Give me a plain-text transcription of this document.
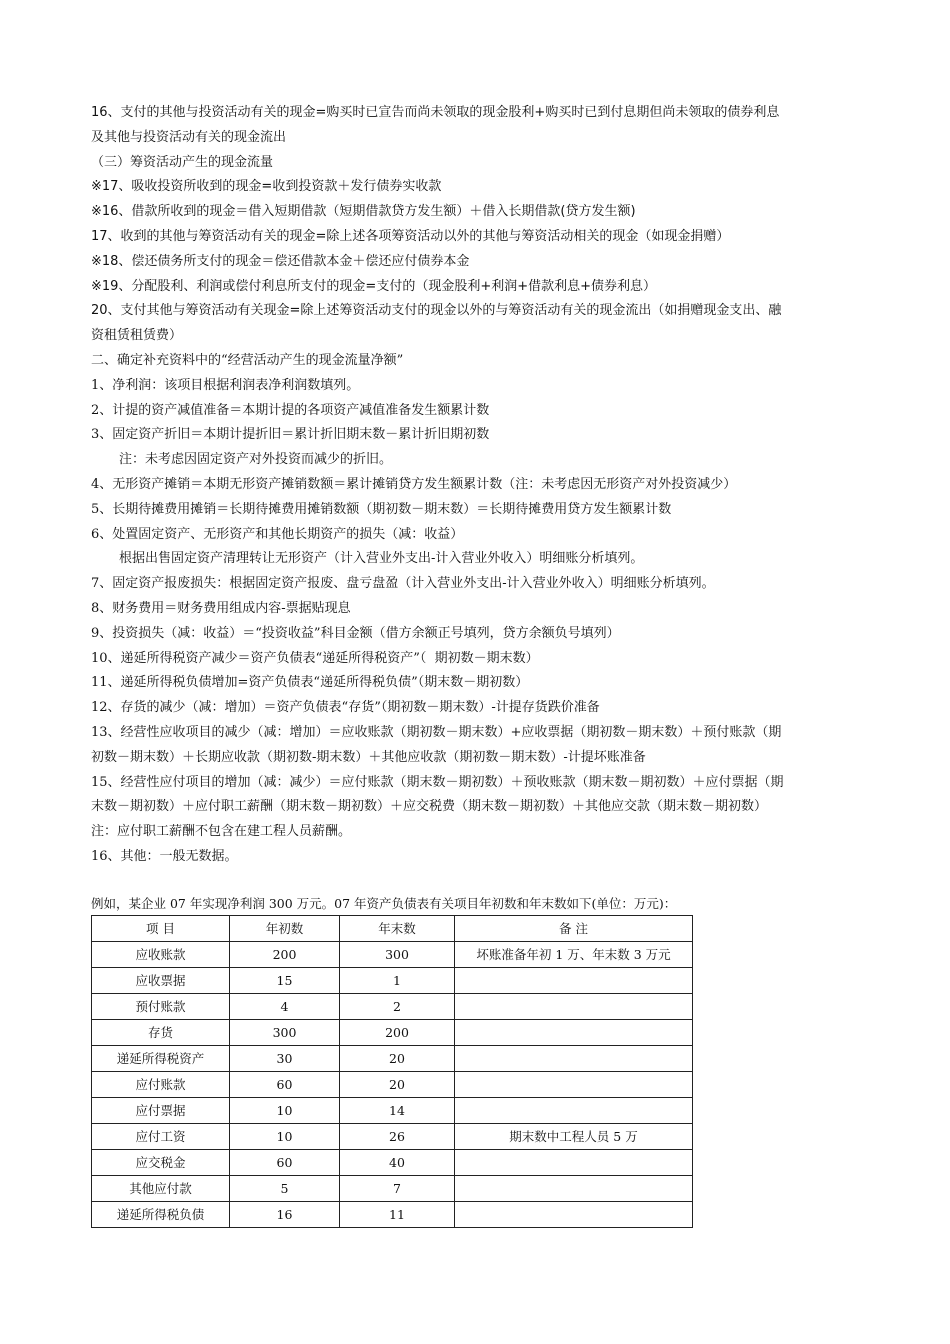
16、支付的其他与投资活动有关的现金=购买时已宣告而尚未领取的现金股利+购买时已到付息期但尚未领取的债券利息
及其他与投资活动有关的现金流出
（三）筹资活动产生的现金流量
※17、吸收投资所收到的现金=收到投资款＋发行债券实收款
※16、借款所收到的现金＝借入短期借款（短期借款贷方发生额）＋借入长期借款(贷方发生额)
17、收到的其他与筹资活动有关的现金=除上述各项筹资活动以外的其他与筹资活动相关的现金（如现金捐赠）
※18、偿还债务所支付的现金＝偿还借款本金＋偿还应付债券本金
※19、分配股利、利润或偿付利息所支付的现金=支付的（现金股利+利润+借款利息+债券利息）
20、支付其他与筹资活动有关现金=除上述筹资活动支付的现金以外的与筹资活动有关的现金流出（如捐赠现金支出、融
资租赁租赁费）
二、确定补充资料中的“经营活动产生的现金流量净额”
1、净利润：该项目根据利润表净利润数填列。
2、计提的资产减值准备＝本期计提的各项资产减值准备发生额累计数
3、固定资产折旧＝本期计提折旧＝累计折旧期末数－累计折旧期初数
注：未考虑因固定资产对外投资而减少的折旧。
4、无形资产摊销＝本期无形资产摊销数额＝累计摊销贷方发生额累计数（注：未考虑因无形资产对外投资减少）
5、长期待摊费用摊销＝长期待摊费用摊销数额（期初数－期末数）＝长期待摊费用贷方发生额累计数
6、处置固定资产、无形资产和其他长期资产的损失（减：收益）
根据出售固定资产清理转让无形资产（计入营业外支出-计入营业外收入）明细账分析填列。
7、固定资产报废损失：根据固定资产报废、盘亏盘盈（计入营业外支出-计入营业外收入）明细账分析填列。
8、财务费用＝财务费用组成内容-票据贴现息
9、投资损失（减：收益）＝“投资收益”科目金额（借方余额正号填列，贷方余额负号填列）
10、递延所得税资产减少＝资产负债表“递延所得税资产”（  期初数－期末数）
11、递延所得税负债增加=资产负债表“递延所得税负债”（期末数－期初数）
12、存货的减少（减：增加）＝资产负债表“存货”（期初数－期末数）-计提存货跌价准备
13、经营性应收项目的减少（减：增加）＝应收账款（期初数－期末数）+应收票据（期初数－期末数）＋预付账款（期
初数－期末数）＋长期应收款（期初数-期末数）＋其他应收款（期初数－期末数）-计提坏账准备
15、经营性应付项目的增加（减：减少）＝应付账款（期末数－期初数）＋预收账款（期末数－期初数）＋应付票据（期
末数－期初数）＋应付职工薪酬（期末数－期初数）＋应交税费（期末数－期初数）＋其他应交款（期末数－期初数）
注：应付职工薪酬不包含在建工程人员薪酬。
16、其他：一般无数据。
例如，某企业 07 年实现净利润 300 万元。07 年资产负债表有关项目年初数和年末数如下(单位：万元)：
项 目	年初数	年末数	备 注
应收账款	200	300	坏账准备年初 1 万、年末数 3 万元
应收票据	15	1	
预付账款	4	2	
存货	300	200	
递延所得税资产	30	20	
应付账款	60	20	
应付票据	10	14	
应付工资	10	26	期末数中工程人员 5 万
应交税金	60	40	
其他应付款	5	7	
递延所得税负债	16	11	
